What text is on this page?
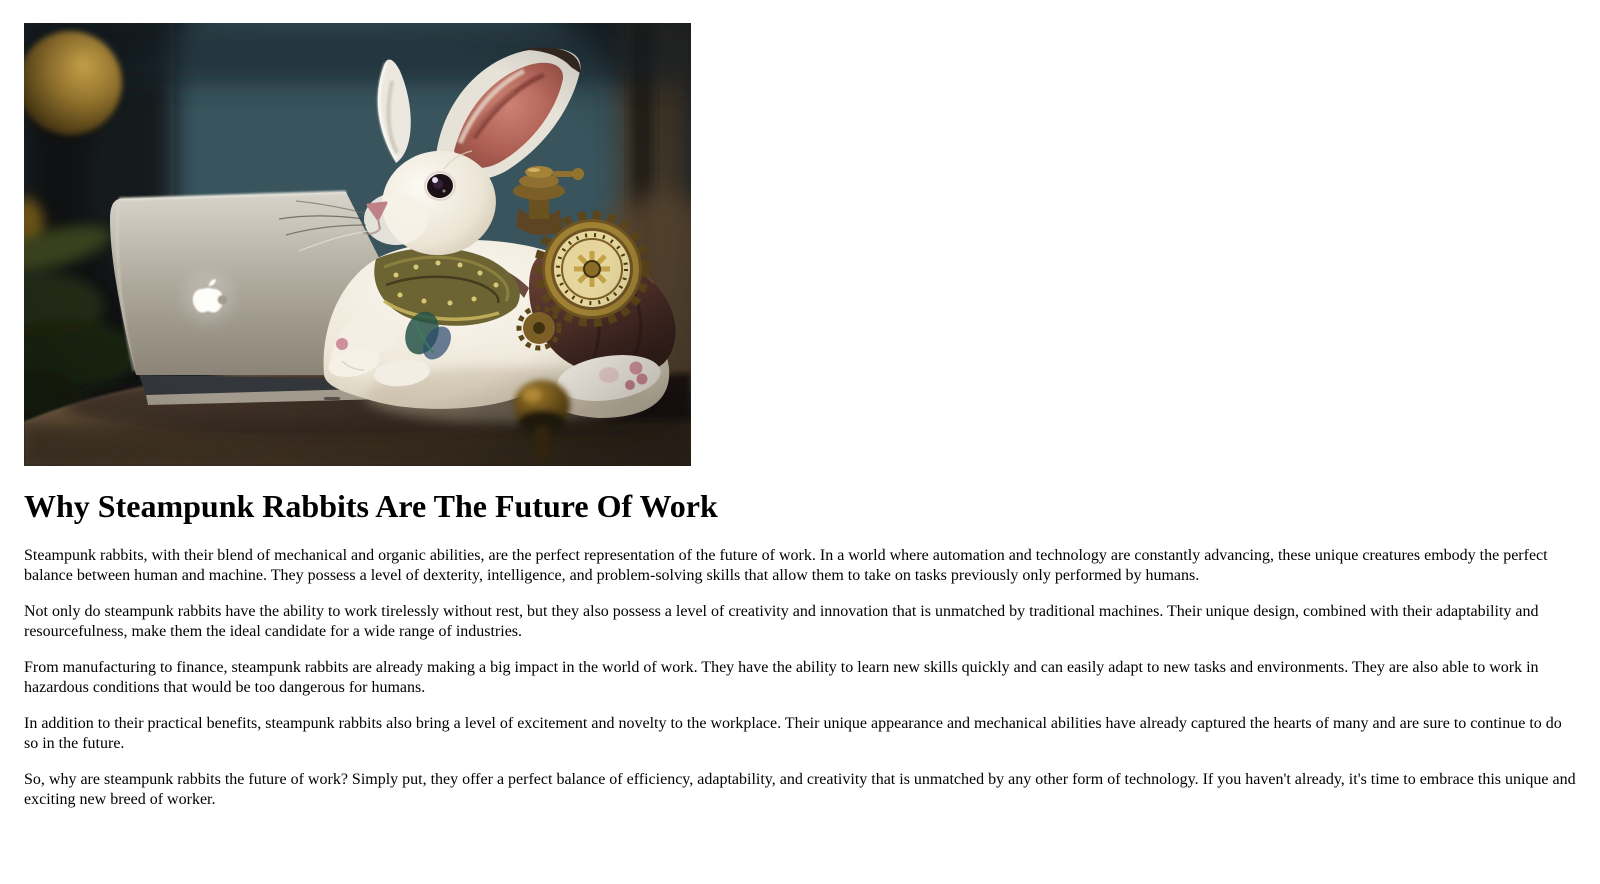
Why Steampunk Rabbits Are The Future Of Work

Steampunk rabbits, with their blend of mechanical and organic abilities, are the perfect representation of the future of work. In a world where automation and technology are constantly advancing, these unique creatures embody the perfect balance between human and machine. They possess a level of dexterity, intelligence, and problem-solving skills that allow them to take on tasks previously only performed by humans.

Not only do steampunk rabbits have the ability to work tirelessly without rest, but they also possess a level of creativity and innovation that is unmatched by traditional machines. Their unique design, combined with their adaptability and resourcefulness, make them the ideal candidate for a wide range of industries.

From manufacturing to finance, steampunk rabbits are already making a big impact in the world of work. They have the ability to learn new skills quickly and can easily adapt to new tasks and environments. They are also able to work in hazardous conditions that would be too dangerous for humans.

In addition to their practical benefits, steampunk rabbits also bring a level of excitement and novelty to the workplace. Their unique appearance and mechanical abilities have already captured the hearts of many and are sure to continue to do so in the future.

So, why are steampunk rabbits the future of work? Simply put, they offer a perfect balance of efficiency, adaptability, and creativity that is unmatched by any other form of technology. If you haven't already, it's time to embrace this unique and exciting new breed of worker.
